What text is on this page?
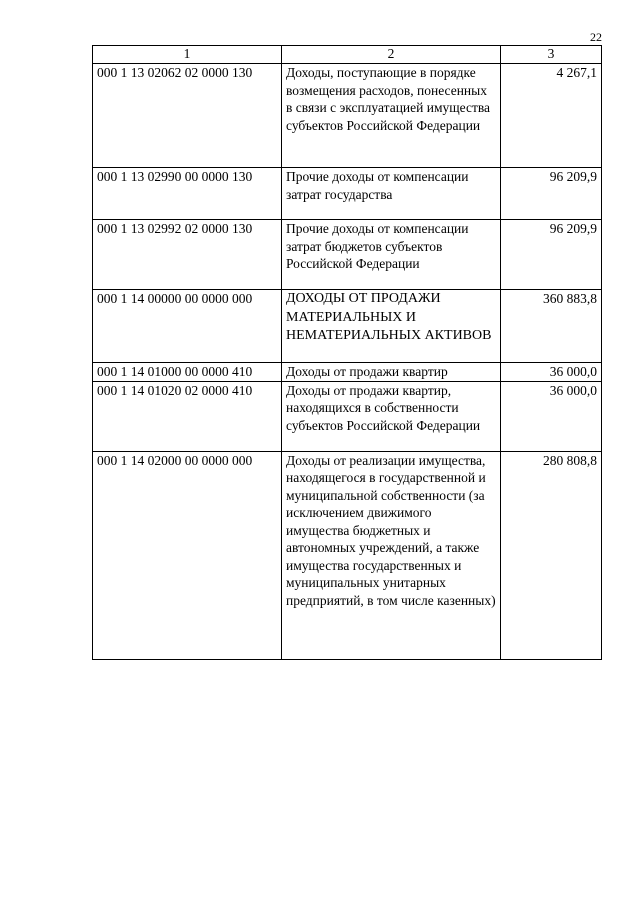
22
1	2	3
000 1 13 02062 02 0000 130	Доходы, поступающие в порядке возмещения расходов, понесенных в связи с эксплуатацией имущества субъектов Российской Федерации	4 267,1
000 1 13 02990 00 0000 130	Прочие доходы от компенсации затрат государства	96 209,9
000 1 13 02992 02 0000 130	Прочие доходы от компенсации затрат бюджетов субъектов Российской Федерации	96 209,9
000 1 14 00000 00 0000 000	ДОХОДЫ ОТ ПРОДАЖИ МАТЕРИАЛЬНЫХ И НЕМАТЕРИАЛЬНЫХ АКТИВОВ	360 883,8
000 1 14 01000 00 0000 410	Доходы от продажи квартир	36 000,0
000 1 14 01020 02 0000 410	Доходы от продажи квартир, находящихся в собственности субъектов Российской Федерации	36 000,0
000 1 14 02000 00 0000 000	Доходы от реализации имущества, находящегося в государственной и муниципальной собственности (за исключением движимого имущества бюджетных и автономных учреждений, а также имущества государственных и муниципальных унитарных предприятий, в том числе казенных)	280 808,8
